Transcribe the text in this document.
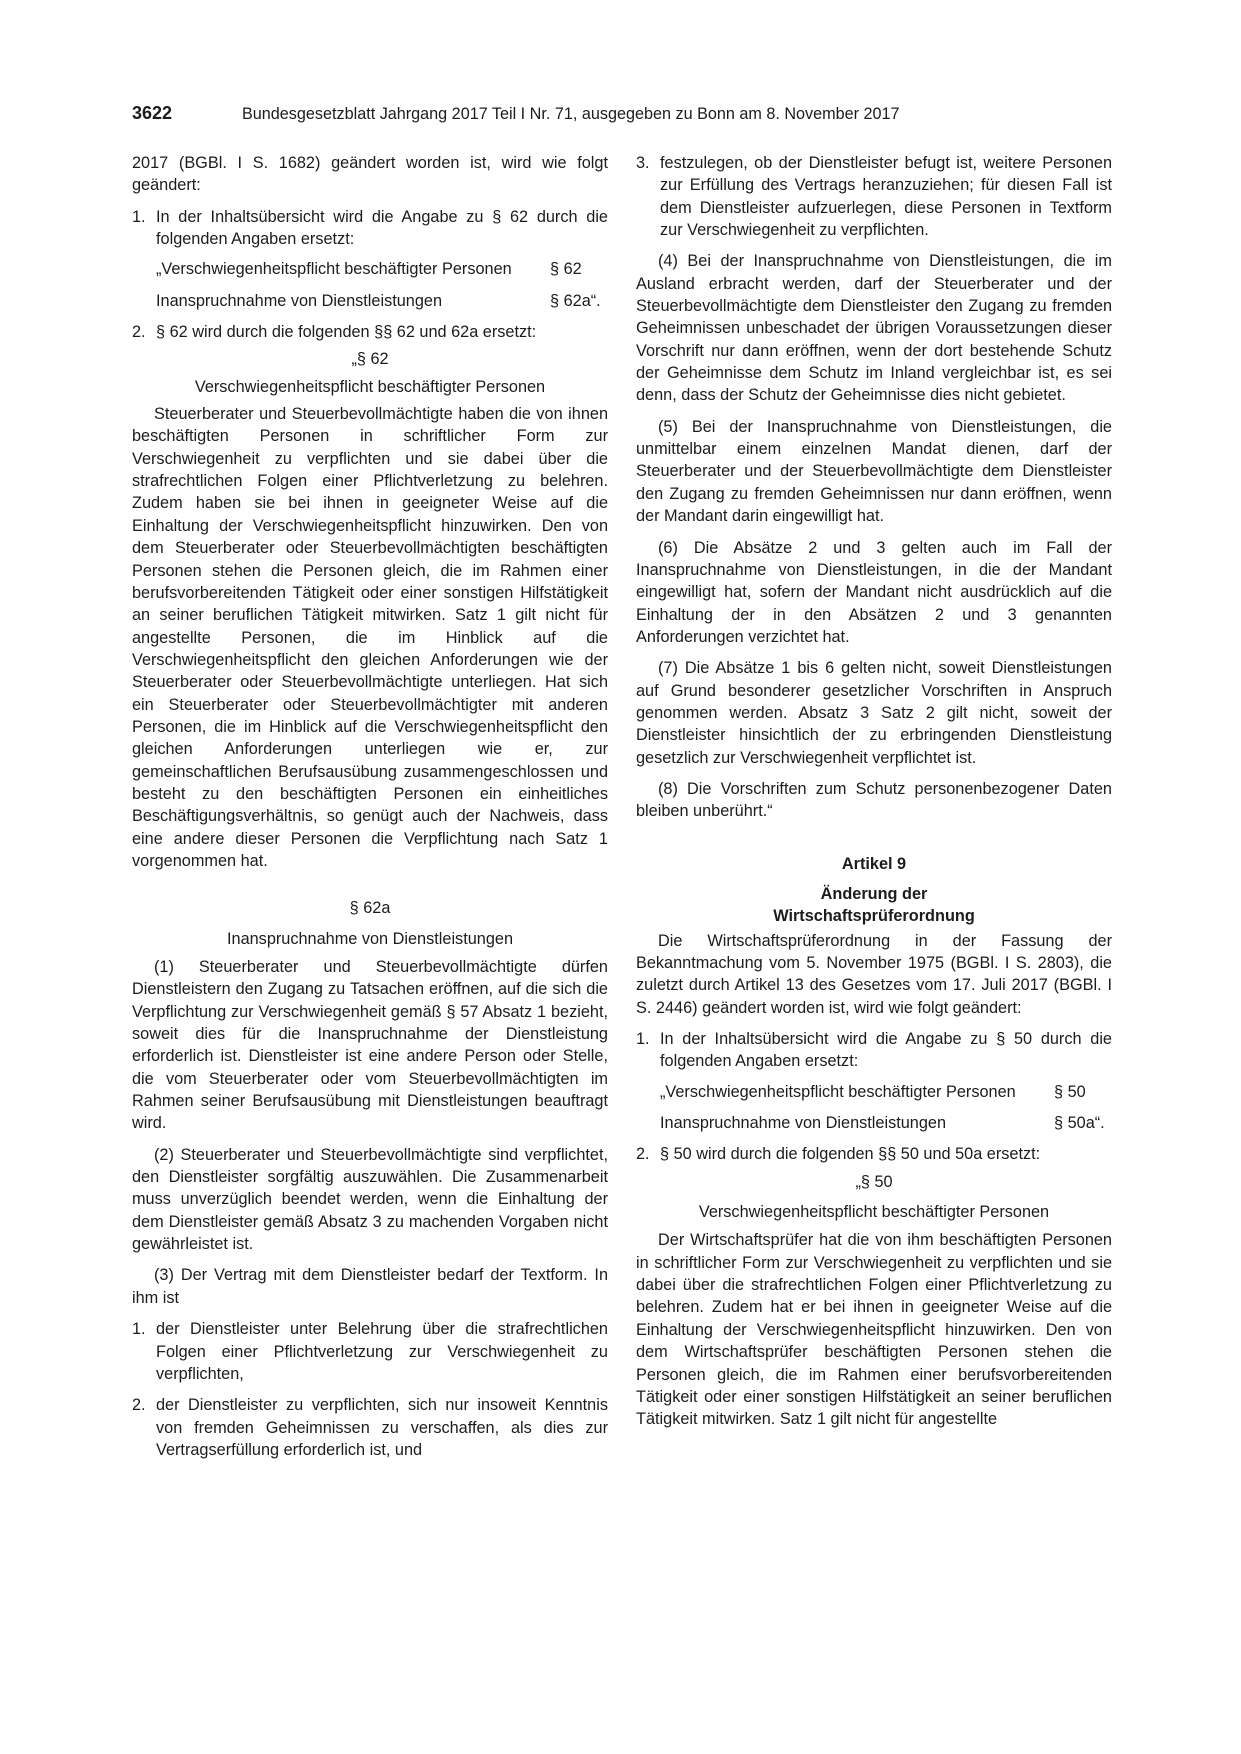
3622	Bundesgesetzblatt Jahrgang 2017 Teil I Nr. 71, ausgegeben zu Bonn am 8. November 2017

2017 (BGBl. I S. 1682) geändert worden ist, wird wie folgt geändert:

1. In der Inhaltsübersicht wird die Angabe zu § 62 durch die folgenden Angaben ersetzt:
„Verschwiegenheitspflicht beschäftigter Personen	§ 62
Inanspruchnahme von Dienstleistungen	§ 62a“.
2. § 62 wird durch die folgenden §§ 62 und 62a ersetzt:

„§ 62

Verschwiegenheitspflicht beschäftigter Personen

Steuerberater und Steuerbevollmächtigte haben die von ihnen beschäftigten Personen in schriftlicher Form zur Verschwiegenheit zu verpflichten und sie dabei über die strafrechtlichen Folgen einer Pflichtverletzung zu belehren. Zudem haben sie bei ihnen in geeigneter Weise auf die Einhaltung der Verschwiegenheitspflicht hinzuwirken. Den von dem Steuerberater oder Steuerbevollmächtigten beschäftigten Personen stehen die Personen gleich, die im Rahmen einer berufsvorbereitenden Tätigkeit oder einer sonstigen Hilfstätigkeit an seiner beruflichen Tätigkeit mitwirken. Satz 1 gilt nicht für angestellte Personen, die im Hinblick auf die Verschwiegenheitspflicht den gleichen Anforderungen wie der Steuerberater oder Steuerbevollmächtigte unterliegen. Hat sich ein Steuerberater oder Steuerbevollmächtigter mit anderen Personen, die im Hinblick auf die Verschwiegenheitspflicht den gleichen Anforderungen unterliegen wie er, zur gemeinschaftlichen Berufsausübung zusammengeschlossen und besteht zu den beschäftigten Personen ein einheitliches Beschäftigungsverhältnis, so genügt auch der Nachweis, dass eine andere dieser Personen die Verpflichtung nach Satz 1 vorgenommen hat.

§ 62a

Inanspruchnahme von Dienstleistungen

(1) Steuerberater und Steuerbevollmächtigte dürfen Dienstleistern den Zugang zu Tatsachen eröffnen, auf die sich die Verpflichtung zur Verschwiegenheit gemäß § 57 Absatz 1 bezieht, soweit dies für die Inanspruchnahme der Dienstleistung erforderlich ist. Dienstleister ist eine andere Person oder Stelle, die vom Steuerberater oder vom Steuerbevollmächtigten im Rahmen seiner Berufsausübung mit Dienstleistungen beauftragt wird.

(2) Steuerberater und Steuerbevollmächtigte sind verpflichtet, den Dienstleister sorgfältig auszuwählen. Die Zusammenarbeit muss unverzüglich beendet werden, wenn die Einhaltung der dem Dienstleister gemäß Absatz 3 zu machenden Vorgaben nicht gewährleistet ist.

(3) Der Vertrag mit dem Dienstleister bedarf der Textform. In ihm ist

1. der Dienstleister unter Belehrung über die strafrechtlichen Folgen einer Pflichtverletzung zur Verschwiegenheit zu verpflichten,
2. der Dienstleister zu verpflichten, sich nur insoweit Kenntnis von fremden Geheimnissen zu verschaffen, als dies zur Vertragserfüllung erforderlich ist, und
3. festzulegen, ob der Dienstleister befugt ist, weitere Personen zur Erfüllung des Vertrags heranzuziehen; für diesen Fall ist dem Dienstleister aufzuerlegen, diese Personen in Textform zur Verschwiegenheit zu verpflichten.

(4) Bei der Inanspruchnahme von Dienstleistungen, die im Ausland erbracht werden, darf der Steuerberater und der Steuerbevollmächtigte dem Dienstleister den Zugang zu fremden Geheimnissen unbeschadet der übrigen Voraussetzungen dieser Vorschrift nur dann eröffnen, wenn der dort bestehende Schutz der Geheimnisse dem Schutz im Inland vergleichbar ist, es sei denn, dass der Schutz der Geheimnisse dies nicht gebietet.

(5) Bei der Inanspruchnahme von Dienstleistungen, die unmittelbar einem einzelnen Mandat dienen, darf der Steuerberater und der Steuerbevollmächtigte dem Dienstleister den Zugang zu fremden Geheimnissen nur dann eröffnen, wenn der Mandant darin eingewilligt hat.

(6) Die Absätze 2 und 3 gelten auch im Fall der Inanspruchnahme von Dienstleistungen, in die der Mandant eingewilligt hat, sofern der Mandant nicht ausdrücklich auf die Einhaltung der in den Absätzen 2 und 3 genannten Anforderungen verzichtet hat.

(7) Die Absätze 1 bis 6 gelten nicht, soweit Dienstleistungen auf Grund besonderer gesetzlicher Vorschriften in Anspruch genommen werden. Absatz 3 Satz 2 gilt nicht, soweit der Dienstleister hinsichtlich der zu erbringenden Dienstleistung gesetzlich zur Verschwiegenheit verpflichtet ist.

(8) Die Vorschriften zum Schutz personenbezogener Daten bleiben unberührt.“

Artikel 9

Änderung der

Wirtschaftsprüferordnung

Die Wirtschaftsprüferordnung in der Fassung der Bekanntmachung vom 5. November 1975 (BGBl. I S. 2803), die zuletzt durch Artikel 13 des Gesetzes vom 17. Juli 2017 (BGBl. I S. 2446) geändert worden ist, wird wie folgt geändert:

1. In der Inhaltsübersicht wird die Angabe zu § 50 durch die folgenden Angaben ersetzt:
„Verschwiegenheitspflicht beschäftigter Personen	§ 50
Inanspruchnahme von Dienstleistungen	§ 50a“.
2. § 50 wird durch die folgenden §§ 50 und 50a ersetzt:

„§ 50

Verschwiegenheitspflicht beschäftigter Personen

Der Wirtschaftsprüfer hat die von ihm beschäftigten Personen in schriftlicher Form zur Verschwiegenheit zu verpflichten und sie dabei über die strafrechtlichen Folgen einer Pflichtverletzung zu belehren. Zudem hat er bei ihnen in geeigneter Weise auf die Einhaltung der Verschwiegenheitspflicht hinzuwirken. Den von dem Wirtschaftsprüfer beschäftigten Personen stehen die Personen gleich, die im Rahmen einer berufsvorbereitenden Tätigkeit oder einer sonstigen Hilfstätigkeit an seiner beruflichen Tätigkeit mitwirken. Satz 1 gilt nicht für angestellte
